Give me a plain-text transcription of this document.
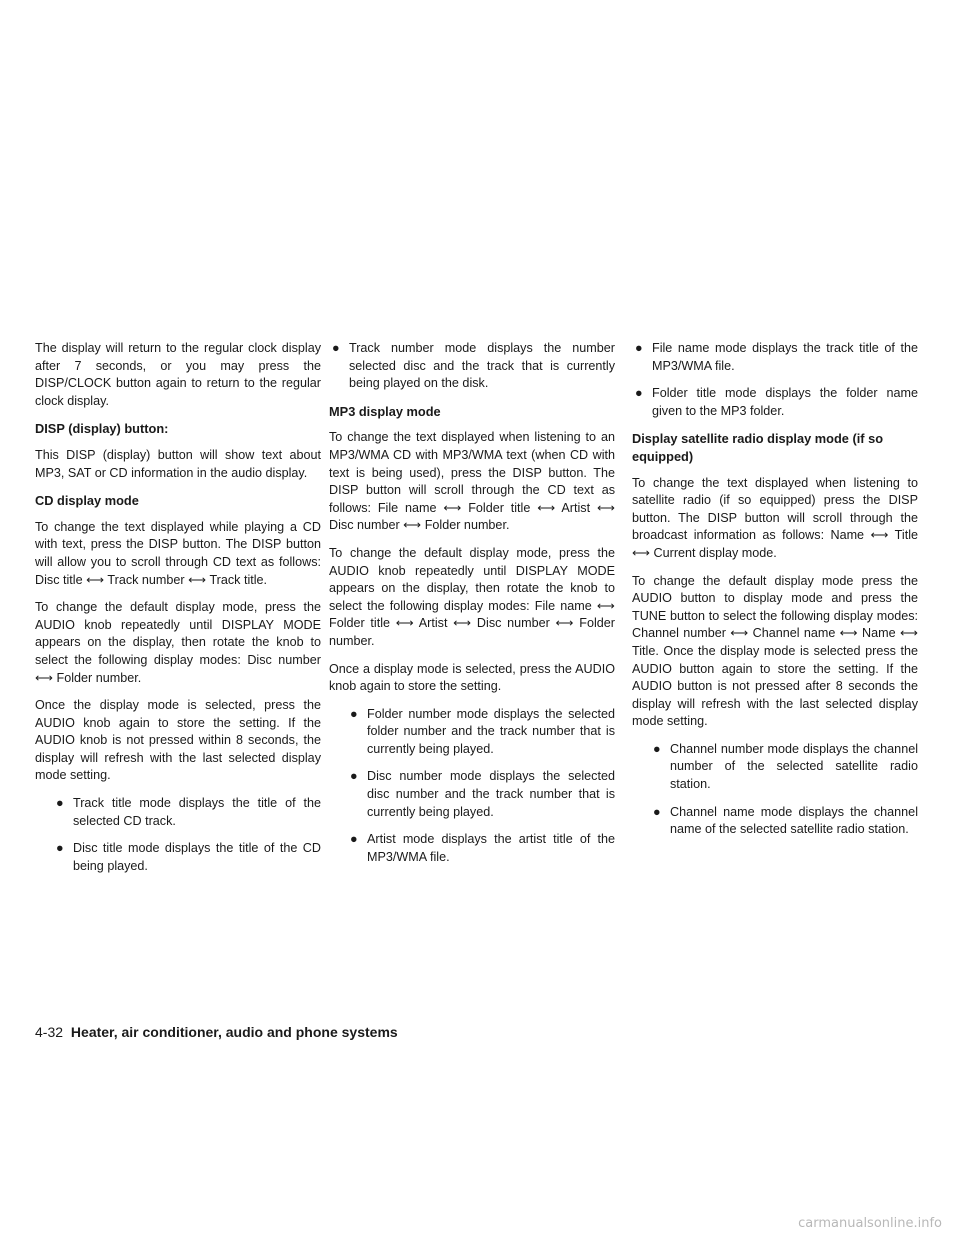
The display will return to the regular clock display after 7 seconds, or you may press the DISP/CLOCK button again to return to the regular clock display.

DISP (display) button:

This DISP (display) button will show text about MP3, SAT or CD information in the audio display.

CD display mode

To change the text displayed while playing a CD with text, press the DISP button. The DISP button will allow you to scroll through CD text as follows: Disc title ⟷ Track number ⟷ Track title.

To change the default display mode, press the AUDIO knob repeatedly until DISPLAY MODE appears on the display, then rotate the knob to select the following display modes: Disc number ⟷ Folder number.

Once the display mode is selected, press the AUDIO knob again to store the setting. If the AUDIO knob is not pressed within 8 seconds, the display will refresh with the last selected display mode setting.

● Track title mode displays the title of the selected CD track.
● Disc title mode displays the title of the CD being played.
● Track number mode displays the number selected disc and the track that is currently being played on the disk.
MP3 display mode

To change the text displayed when listening to an MP3/WMA CD with MP3/WMA text (when CD with text is being used), press the DISP button. The DISP button will scroll through the CD text as follows: File name ⟷ Folder title ⟷ Artist ⟷ Disc number ⟷ Folder number.

To change the default display mode, press the AUDIO knob repeatedly until DISPLAY MODE appears on the display, then rotate the knob to select the following display modes: File name ⟷ Folder title ⟷ Artist ⟷ Disc number ⟷ Folder number.

Once a display mode is selected, press the AUDIO knob again to store the setting.

● Folder number mode displays the selected folder number and the track number that is currently being played.
● Disc number mode displays the selected disc number and the track number that is currently being played.
● Artist mode displays the artist title of the MP3/WMA file.
● File name mode displays the track title of the MP3/WMA file.
● Folder title mode displays the folder name given to the MP3 folder.
Display satellite radio display mode (if so equipped)

To change the text displayed when listening to satellite radio (if so equipped) press the DISP button. The DISP button will scroll through the broadcast information as follows: Name ⟷ Title ⟷ Current display mode.

To change the default display mode press the AUDIO button to display mode and press the TUNE button to select the following display modes: Channel number ⟷ Channel name ⟷ Name ⟷ Title. Once the display mode is selected press the AUDIO button again to store the setting. If the AUDIO button is not pressed after 8 seconds the display will refresh with the last selected display mode setting.

● Channel number mode displays the channel number of the selected satellite radio station.
● Channel name mode displays the channel name of the selected satellite radio station.
4-32 Heater, air conditioner, audio and phone systems
carmanualsonline.info
